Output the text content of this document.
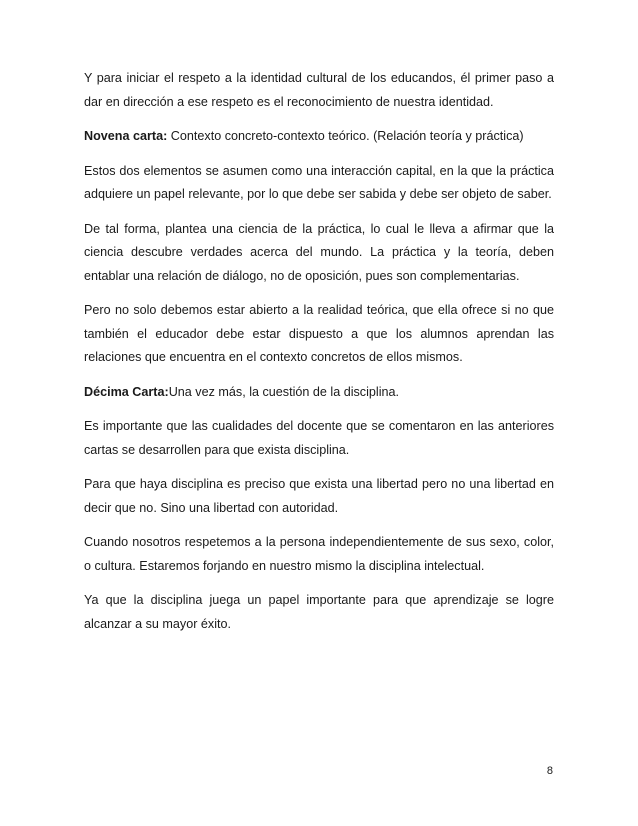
Y para iniciar el respeto a la identidad cultural de los educandos, él primer paso a dar en dirección a ese respeto es el reconocimiento de nuestra identidad.

Novena carta: Contexto concreto-contexto teórico. (Relación teoría y práctica)

Estos dos elementos se asumen como una interacción capital, en la que la práctica adquiere un papel relevante, por lo que debe ser sabida y debe ser objeto de saber.

De tal forma, plantea una ciencia de la práctica, lo cual le lleva a afirmar que la ciencia descubre verdades acerca del mundo. La práctica y la teoría, deben entablar una relación de diálogo, no de oposición, pues son complementarias.

Pero no solo debemos estar abierto a la realidad teórica, que ella ofrece si no que también el educador debe estar dispuesto a que los alumnos aprendan las relaciones que encuentra en el contexto concretos de ellos mismos.

Décima Carta:Una vez más, la cuestión de la disciplina.

Es importante que las cualidades del docente que se comentaron en las anteriores cartas se desarrollen para que exista disciplina.

Para que haya disciplina es preciso que exista una libertad pero no una libertad en decir que no. Sino una libertad con autoridad.

Cuando nosotros respetemos a la persona independientemente de sus sexo, color, o cultura. Estaremos forjando en nuestro mismo la disciplina intelectual.

Ya que la disciplina juega un papel importante para que aprendizaje se logre alcanzar a su mayor éxito.

8
